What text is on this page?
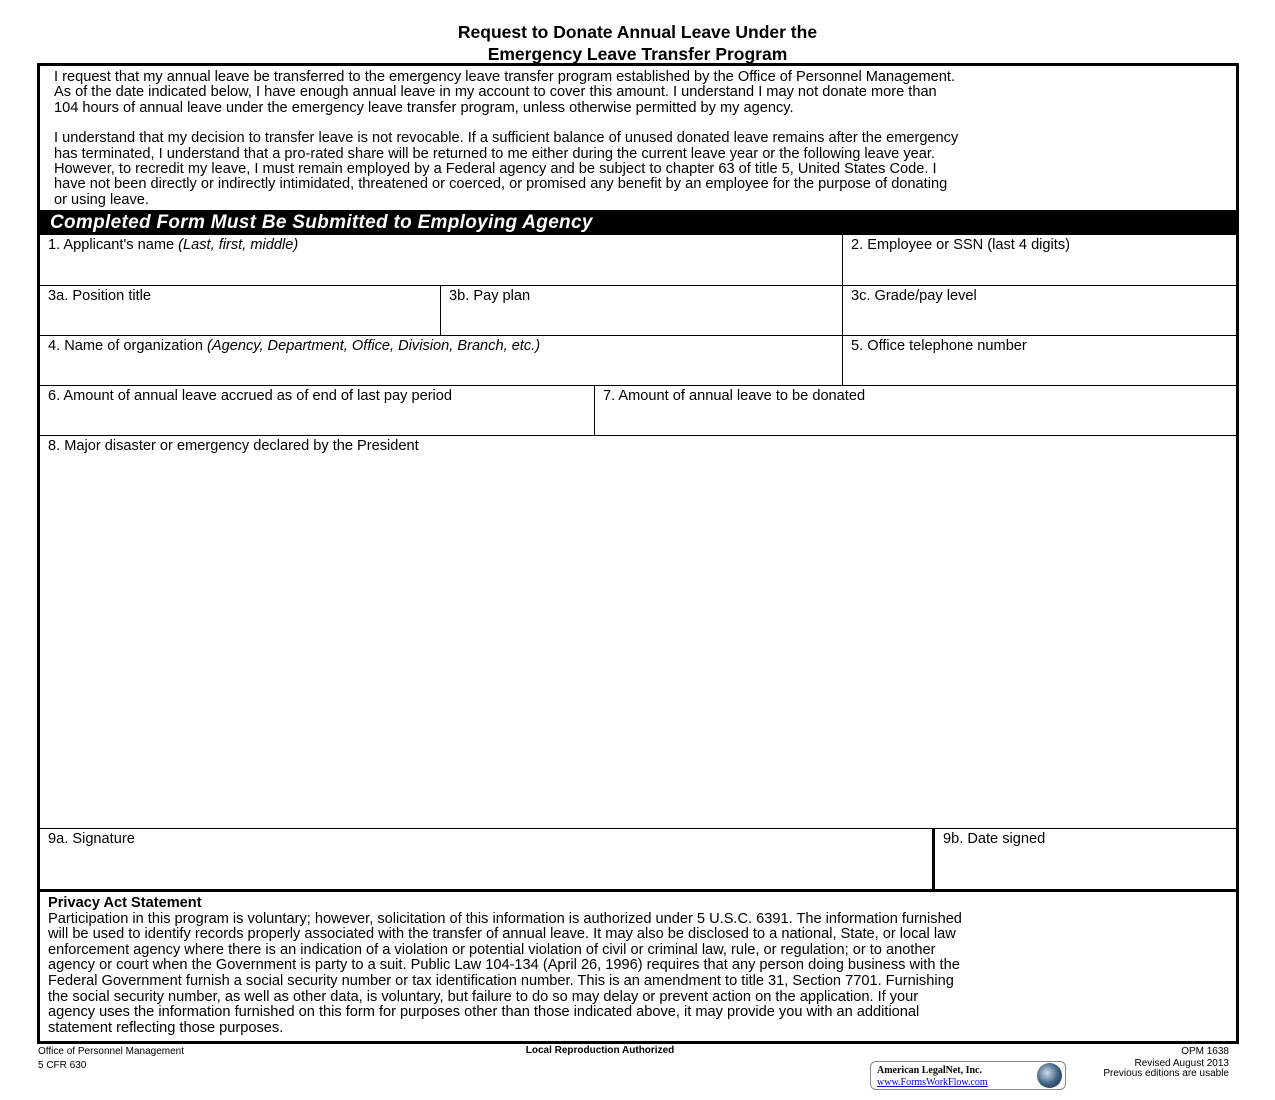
Request to Donate Annual Leave Under the
Emergency Leave Transfer Program
I request that my annual leave be transferred to the emergency leave transfer program established by the Office of Personnel Management.
As of the date indicated below, I have enough annual leave in my account to cover this amount. I understand I may not donate more than
104 hours of annual leave under the emergency leave transfer program, unless otherwise permitted by my agency.
I understand that my decision to transfer leave is not revocable. If a sufficient balance of unused donated leave remains after the emergency
has terminated, I understand that a pro-rated share will be returned to me either during the current leave year or the following leave year.
However, to recredit my leave, I must remain employed by a Federal agency and be subject to chapter 63 of title 5, United States Code. I
have not been directly or indirectly intimidated, threatened or coerced, or promised any benefit by an employee for the purpose of donating
or using leave.
Completed Form Must Be Submitted to Employing Agency
1. Applicant's name (Last, first, middle)	2. Employee or SSN (last 4 digits)
3a. Position title	3b. Pay plan	3c. Grade/pay level
4. Name of organization (Agency, Department, Office, Division, Branch, etc.)	5. Office telephone number
6. Amount of annual leave accrued as of end of last pay period	7. Amount of annual leave to be donated
8. Major disaster or emergency declared by the President
9a. Signature	9b. Date signed
Privacy Act Statement
Participation in this program is voluntary; however, solicitation of this information is authorized under 5 U.S.C. 6391. The information furnished
will be used to identify records properly associated with the transfer of annual leave. It may also be disclosed to a national, State, or local law
enforcement agency where there is an indication of a violation or potential violation of civil or criminal law, rule, or regulation; or to another
agency or court when the Government is party to a suit. Public Law 104-134 (April 26, 1996) requires that any person doing business with the
Federal Government furnish a social security number or tax identification number. This is an amendment to title 31, Section 7701. Furnishing
the social security number, as well as other data, is voluntary, but failure to do so may delay or prevent action on the application. If your
agency uses the information furnished on this form for purposes other than those indicated above, it may provide you with an additional
statement reflecting those purposes.
Office of Personnel Management
5 CFR 630
Local Reproduction Authorized	OPM 1638
Revised August 2013
Previous editions are usable
American LegalNet, Inc.
www.FormsWorkFlow.com
